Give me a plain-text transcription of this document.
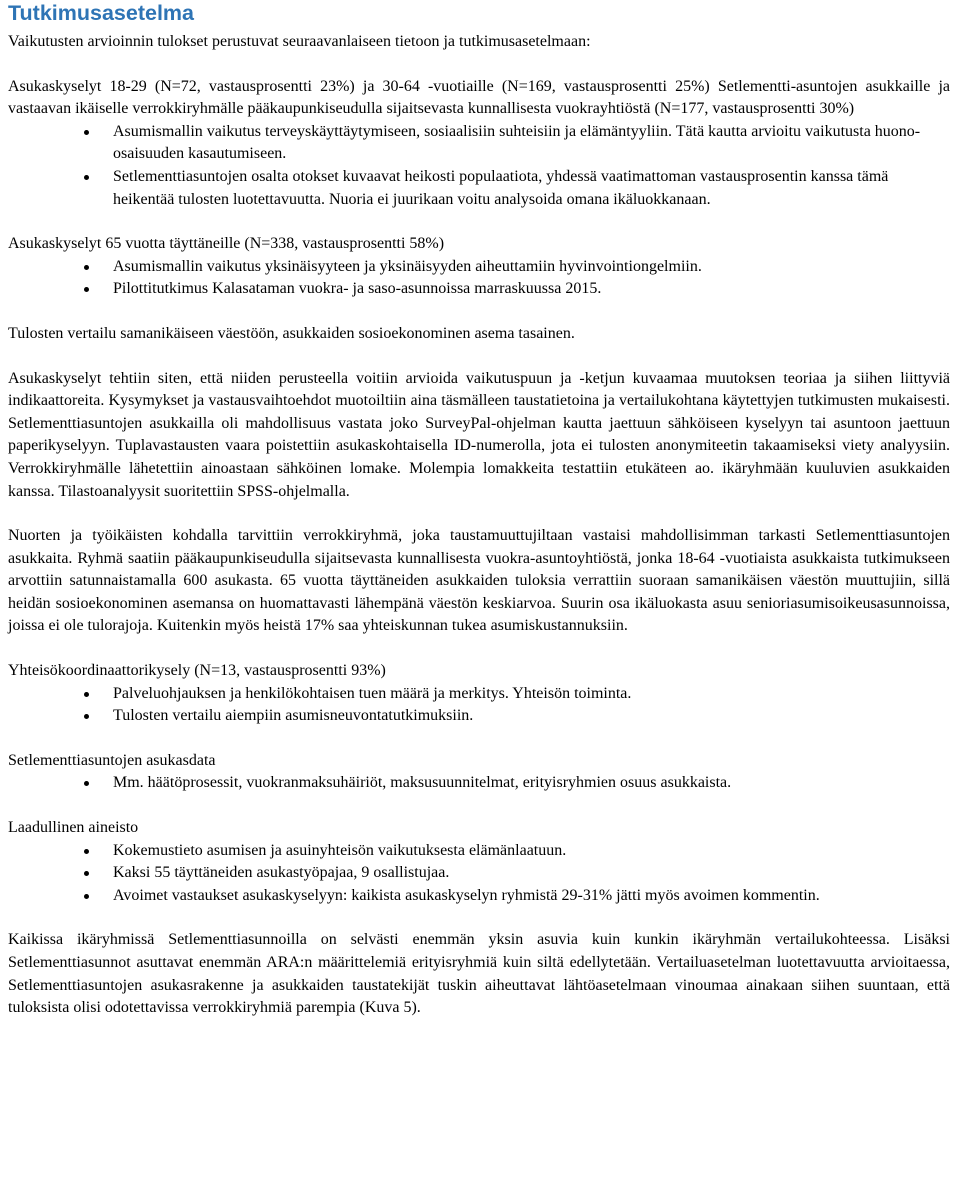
Tutkimusasetelma

Vaikutusten arvioinnin tulokset perustuvat seuraavanlaiseen tietoon ja tutkimusasetelmaan:

Asukaskyselyt 18-29 (N=72, vastausprosentti 23%) ja 30-64 -vuotiaille (N=169, vastausprosentti 25%) Setlementti-asuntojen asukkaille ja vastaavan ikäiselle verrokkiryhmälle pääkaupunkiseudulla sijaitsevasta kunnallisesta vuokrayhtiöstä (N=177, vastausprosentti 30%)

Asumismallin vaikutus terveyskäyttäytymiseen, sosiaalisiin suhteisiin ja elämäntyyliin. Tätä kautta arvioitu vaikutusta huono-osaisuuden kasautumiseen.
Setlementtiasuntojen osalta otokset kuvaavat heikosti populaatiota, yhdessä vaatimattoman vastausprosentin kanssa tämä heikentää tulosten luotettavuutta. Nuoria ei juurikaan voitu analysoida omana ikäluokkanaan.

Asukaskyselyt 65 vuotta täyttäneille (N=338, vastausprosentti 58%)

Asumismallin vaikutus yksinäisyyteen ja yksinäisyyden aiheuttamiin hyvinvointiongelmiin.
Pilottitutkimus Kalasataman vuokra- ja saso-asunnoissa marraskuussa 2015.

Tulosten vertailu samanikäiseen väestöön, asukkaiden sosioekonominen asema tasainen.

Asukaskyselyt tehtiin siten, että niiden perusteella voitiin arvioida vaikutuspuun ja -ketjun kuvaamaa muutoksen teoriaa ja siihen liittyviä indikaattoreita. Kysymykset ja vastausvaihtoehdot muotoiltiin aina täsmälleen taustatietoina ja vertailukohtana käytettyjen tutkimusten mukaisesti. Setlementtiasuntojen asukkailla oli mahdollisuus vastata joko SurveyPal-ohjelman kautta jaettuun sähköiseen kyselyyn tai asuntoon jaettuun paperikyselyyn. Tuplavastausten vaara poistettiin asukaskohtaisella ID-numerolla, jota ei tulosten anonymiteetin takaamiseksi viety analyysiin. Verrokkiryhmälle lähetettiin ainoastaan sähköinen lomake. Molempia lomakkeita testattiin etukäteen ao. ikäryhmään kuuluvien asukkaiden kanssa. Tilastoanalyysit suoritettiin SPSS-ohjelmalla.

Nuorten ja työikäisten kohdalla tarvittiin verrokkiryhmä, joka taustamuuttujiltaan vastaisi mahdollisimman tarkasti Setlementtiasuntojen asukkaita. Ryhmä saatiin pääkaupunkiseudulla sijaitsevasta kunnallisesta vuokra-asuntoyhtiöstä, jonka 18-64 -vuotiaista asukkaista tutkimukseen arvottiin satunnaistamalla 600 asukasta. 65 vuotta täyttäneiden asukkaiden tuloksia verrattiin suoraan samanikäisen väestön muuttujiin, sillä heidän sosioekonominen asemansa on huomattavasti lähempänä väestön keskiarvoa. Suurin osa ikäluokasta asuu senioriasumisoikeusasunnoissa, joissa ei ole tulorajoja. Kuitenkin myös heistä 17% saa yhteiskunnan tukea asumiskustannuksiin.

Yhteisökoordinaattorikysely (N=13, vastausprosentti 93%)

Palveluohjauksen ja henkilökohtaisen tuen määrä ja merkitys. Yhteisön toiminta.
Tulosten vertailu aiempiin asumisneuvontatutkimuksiin.

Setlementtiasuntojen asukasdata

Mm. häätöprosessit, vuokranmaksuhäiriöt, maksusuunnitelmat, erityisryhmien osuus asukkaista.

Laadullinen aineisto

Kokemustieto asumisen ja asuinyhteisön vaikutuksesta elämänlaatuun.
Kaksi 55 täyttäneiden asukastyöpajaa, 9 osallistujaa.
Avoimet vastaukset asukaskyselyyn: kaikista asukaskyselyn ryhmistä 29-31% jätti myös avoimen kommentin.

Kaikissa ikäryhmissä Setlementtiasunnoilla on selvästi enemmän yksin asuvia kuin kunkin ikäryhmän vertailukohteessa. Lisäksi Setlementtiasunnot asuttavat enemmän ARA:n määrittelemiä erityisryhmiä kuin siltä edellytetään. Vertailuasetelman luotettavuutta arvioitaessa, Setlementtiasuntojen asukasrakenne ja asukkaiden taustatekijät tuskin aiheuttavat lähtöasetelmaan vinoumaa ainakaan siihen suuntaan, että tuloksista olisi odotettavissa verrokkiryhmiä parempia (Kuva 5).
